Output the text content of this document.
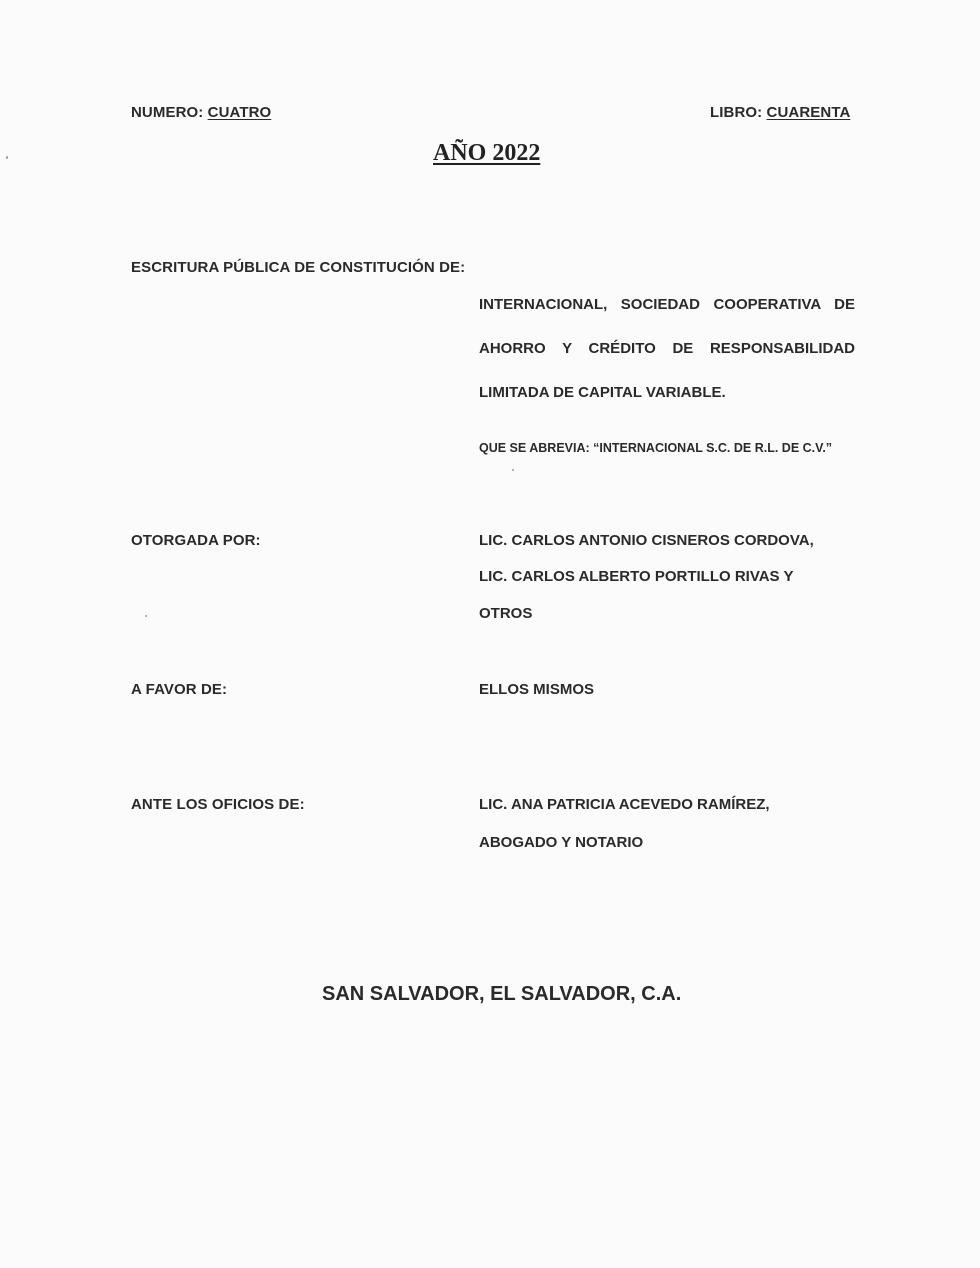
NUMERO: CUATRO	LIBRO: CUARENTA
AÑO 2022
ESCRITURA PÚBLICA DE CONSTITUCIÓN DE:
INTERNACIONAL, SOCIEDAD COOPERATIVA DE
AHORRO Y CRÉDITO DE RESPONSABILIDAD
LIMITADA DE CAPITAL VARIABLE.
QUE SE ABREVIA: “INTERNACIONAL S.C. DE R.L. DE C.V.”
OTORGADA POR:	LIC. CARLOS ANTONIO CISNEROS CORDOVA,
LIC. CARLOS ALBERTO PORTILLO RIVAS Y
OTROS
A FAVOR DE:	ELLOS MISMOS
ANTE LOS OFICIOS DE:	LIC. ANA PATRICIA ACEVEDO RAMÍREZ,
ABOGADO Y NOTARIO
SAN SALVADOR, EL SALVADOR, C.A.
